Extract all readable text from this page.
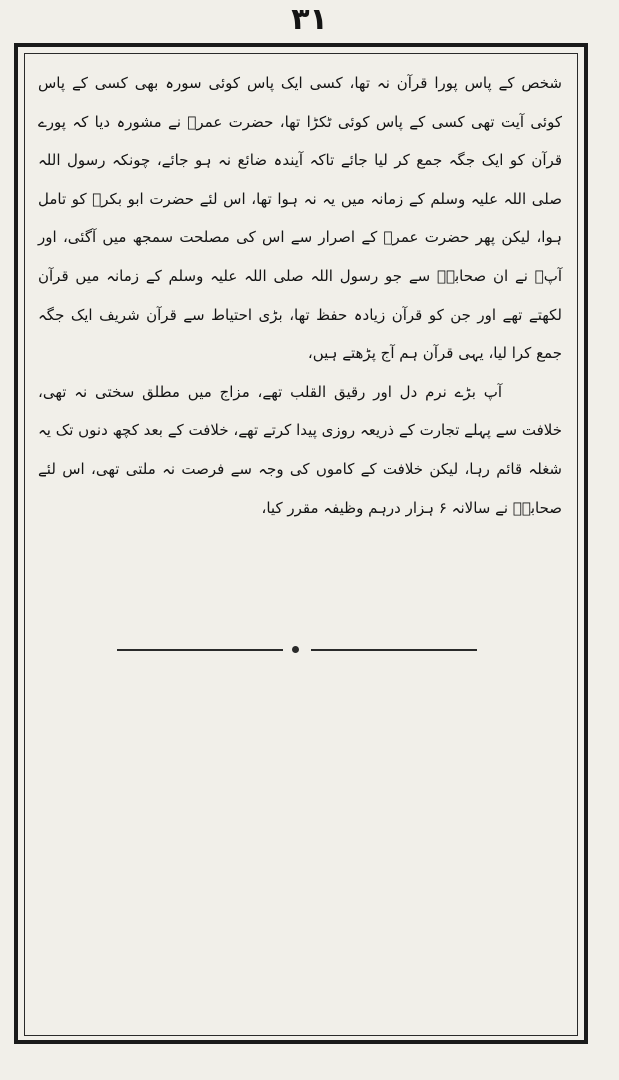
۳۱

شخص کے پاس پورا قرآن نہ تھا، کسی ایک پاس کوئی سورہ بھی کسی کے پاس کوئی آیت تھی کسی کے پاس کوئی ٹکڑا تھا، حضرت عمرؓ نے مشورہ دیا کہ پورے قرآن کو ایک جگہ جمع کر لیا جائے تاکہ آیندہ ضائع نہ ہو جائے، چونکہ رسول اللہ صلی اللہ علیہ وسلم کے زمانہ میں یہ نہ ہوا تھا، اس لئے حضرت ابو بکرؓ کو تامل ہوا، لیکن پھر حضرت عمرؓ کے اصرار سے اس کی مصلحت سمجھ میں آگئی، اور آپؓ نے ان صحابہؓ سے جو رسول اللہ صلی اللہ علیہ وسلم کے زمانہ میں قرآن لکھتے تھے اور جن کو قرآن زیادہ حفظ تھا، بڑی احتیاط سے قرآن شریف ایک جگہ جمع کرا لیا، یہی قرآن ہم آج پڑھتے ہیں،

آپ بڑے نرم دل اور رقیق القلب تھے، مزاج میں مطلق سختی نہ تھی، خلافت سے پہلے تجارت کے ذریعہ روزی پیدا کرتے تھے، خلافت کے بعد کچھ دنوں تک یہ شغلہ قائم رہا، لیکن خلافت کے کاموں کی وجہ سے فرصت نہ ملتی تھی، اس لئے صحابہؓ نے سالانہ ۶ ہزار درہم وظیفہ مقرر کیا،
